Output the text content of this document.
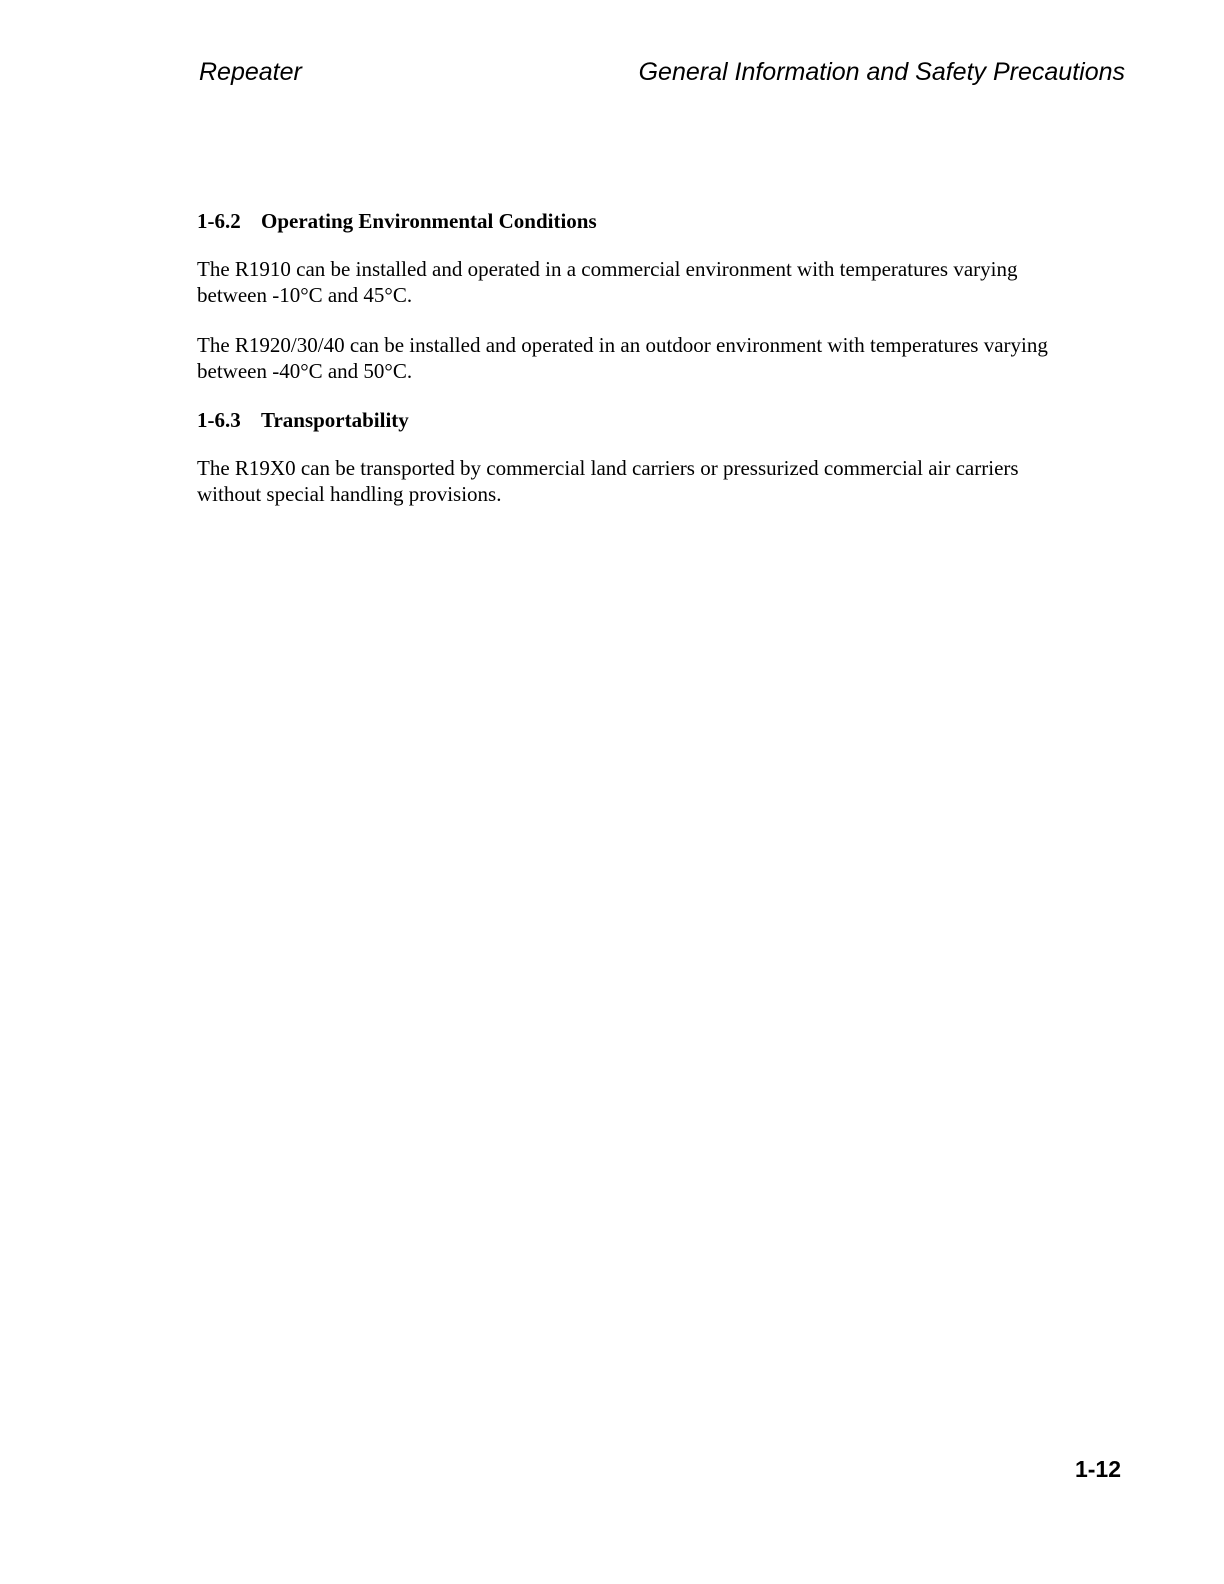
Repeater	General Information and Safety Precautions
1-6.2 Operating Environmental Conditions

The R1910 can be installed and operated in a commercial environment with temperatures varying between -10°C and 45°C.

The R1920/30/40 can be installed and operated in an outdoor environment with temperatures varying between -40°C and 50°C.

1-6.3 Transportability

The R19X0 can be transported by commercial land carriers or pressurized commercial air carriers without special handling provisions.

1-12
